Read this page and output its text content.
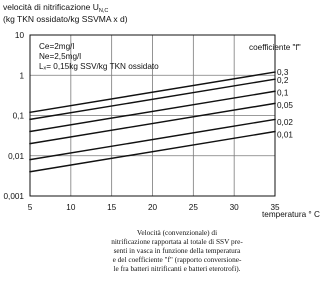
velocità di nitrificazione $U_{N,C}$
(kg TKN ossidato/kg SSVMA x d)
0,001
0,01
0,1
1
10
5	10	15	20	25	30	35
Ce=2mg/l
Ne=2,5mg/l
Lₓ= 0,15kg SSV/kg TKN ossidato
coefficiente "f"
0,3
0,2
0,1
0,05
0,02
0,01
temperatura ° C
Velocità (convenzionale) di
nitrificazione rapportata al totale di SSV pre-
senti in vasca in funzione della temperatura
e del coefficiente "f" (rapporto conversione-
le fra batteri nitrificanti e batteri eterotrofi).
